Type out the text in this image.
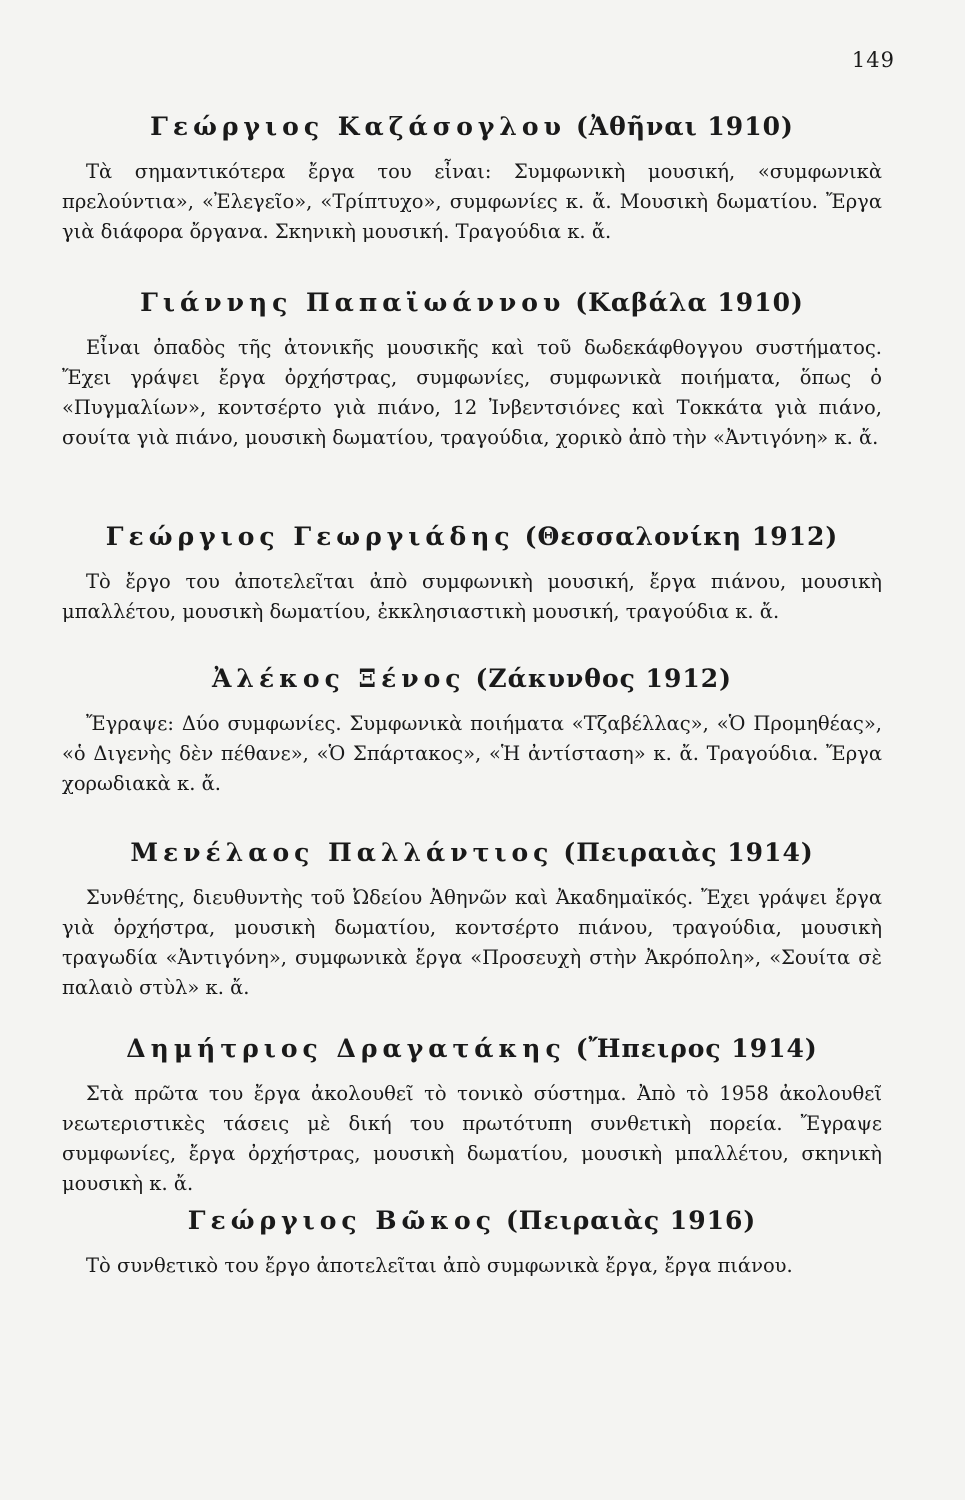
149
Γεώργιος Καζάσογλου (Ἀθῆναι 1910)

Τὰ σημαντικότερα ἔργα του εἶναι: Συμφωνικὴ μουσική, «συμφωνικὰ πρελούντια», «Ἐλεγεῖο», «Τρίπτυχο», συμφωνίες κ. ἄ. Μουσικὴ δωματίου. Ἔργα γιὰ διάφορα ὄργανα. Σκηνικὴ μουσική. Τραγούδια κ. ἄ.

Γιάννης Παπαϊωάννου (Καβάλα 1910)

Εἶναι ὀπαδὸς τῆς ἀτονικῆς μουσικῆς καὶ τοῦ δωδεκάφθογγου συστήματος. Ἔχει γράψει ἔργα ὀρχήστρας, συμφωνίες, συμφωνικὰ ποιήματα, ὅπως ὁ «Πυγμαλίων», κοντσέρτο γιὰ πιάνο, 12 Ἰνβεντσιόνες καὶ Τοκκάτα γιὰ πιάνο, σουίτα γιὰ πιάνο, μουσικὴ δωματίου, τραγούδια, χορικὸ ἀπὸ τὴν «Ἀντιγόνη» κ. ἄ.

Γεώργιος Γεωργιάδης (Θεσσαλονίκη 1912)

Τὸ ἔργο του ἀποτελεῖται ἀπὸ συμφωνικὴ μουσική, ἔργα πιάνου, μουσικὴ μπαλλέτου, μουσικὴ δωματίου, ἐκκλησιαστικὴ μουσική, τραγούδια κ. ἄ.

Ἀλέκος Ξένος (Ζάκυνθος 1912)

Ἔγραψε: Δύο συμφωνίες. Συμφωνικὰ ποιήματα «Τζαβέλλας», «Ὁ Προμηθέας», «ὁ Διγενὴς δὲν πέθανε», «Ὁ Σπάρτακος», «Ἡ ἀντίσταση» κ. ἄ. Τραγούδια. Ἔργα χορωδιακὰ κ. ἄ.

Μενέλαος Παλλάντιος (Πειραιὰς 1914)

Συνθέτης, διευθυντὴς τοῦ Ὠδείου Ἀθηνῶν καὶ Ἀκαδημαϊκός. Ἔχει γράψει ἔργα γιὰ ὀρχήστρα, μουσικὴ δωματίου, κοντσέρτο πιάνου, τραγούδια, μουσικὴ τραγωδία «Ἀντιγόνη», συμφωνικὰ ἔργα «Προσευχὴ στὴν Ἀκρόπολη», «Σουίτα σὲ παλαιὸ στὺλ» κ. ἄ.

Δημήτριος Δραγατάκης (Ἤπειρος 1914)

Στὰ πρῶτα του ἔργα ἀκολουθεῖ τὸ τονικὸ σύστημα. Ἀπὸ τὸ 1958 ἀκολουθεῖ νεωτεριστικὲς τάσεις μὲ δική του πρωτότυπη συνθετικὴ πορεία. Ἔγραψε συμφωνίες, ἔργα ὀρχήστρας, μουσικὴ δωματίου, μουσικὴ μπαλλέτου, σκηνικὴ μουσικὴ κ. ἄ.

Γεώργιος Βῶκος (Πειραιὰς 1916)

Τὸ συνθετικὸ του ἔργο ἀποτελεῖται ἀπὸ συμφωνικὰ ἔργα, ἔργα πιάνου.
